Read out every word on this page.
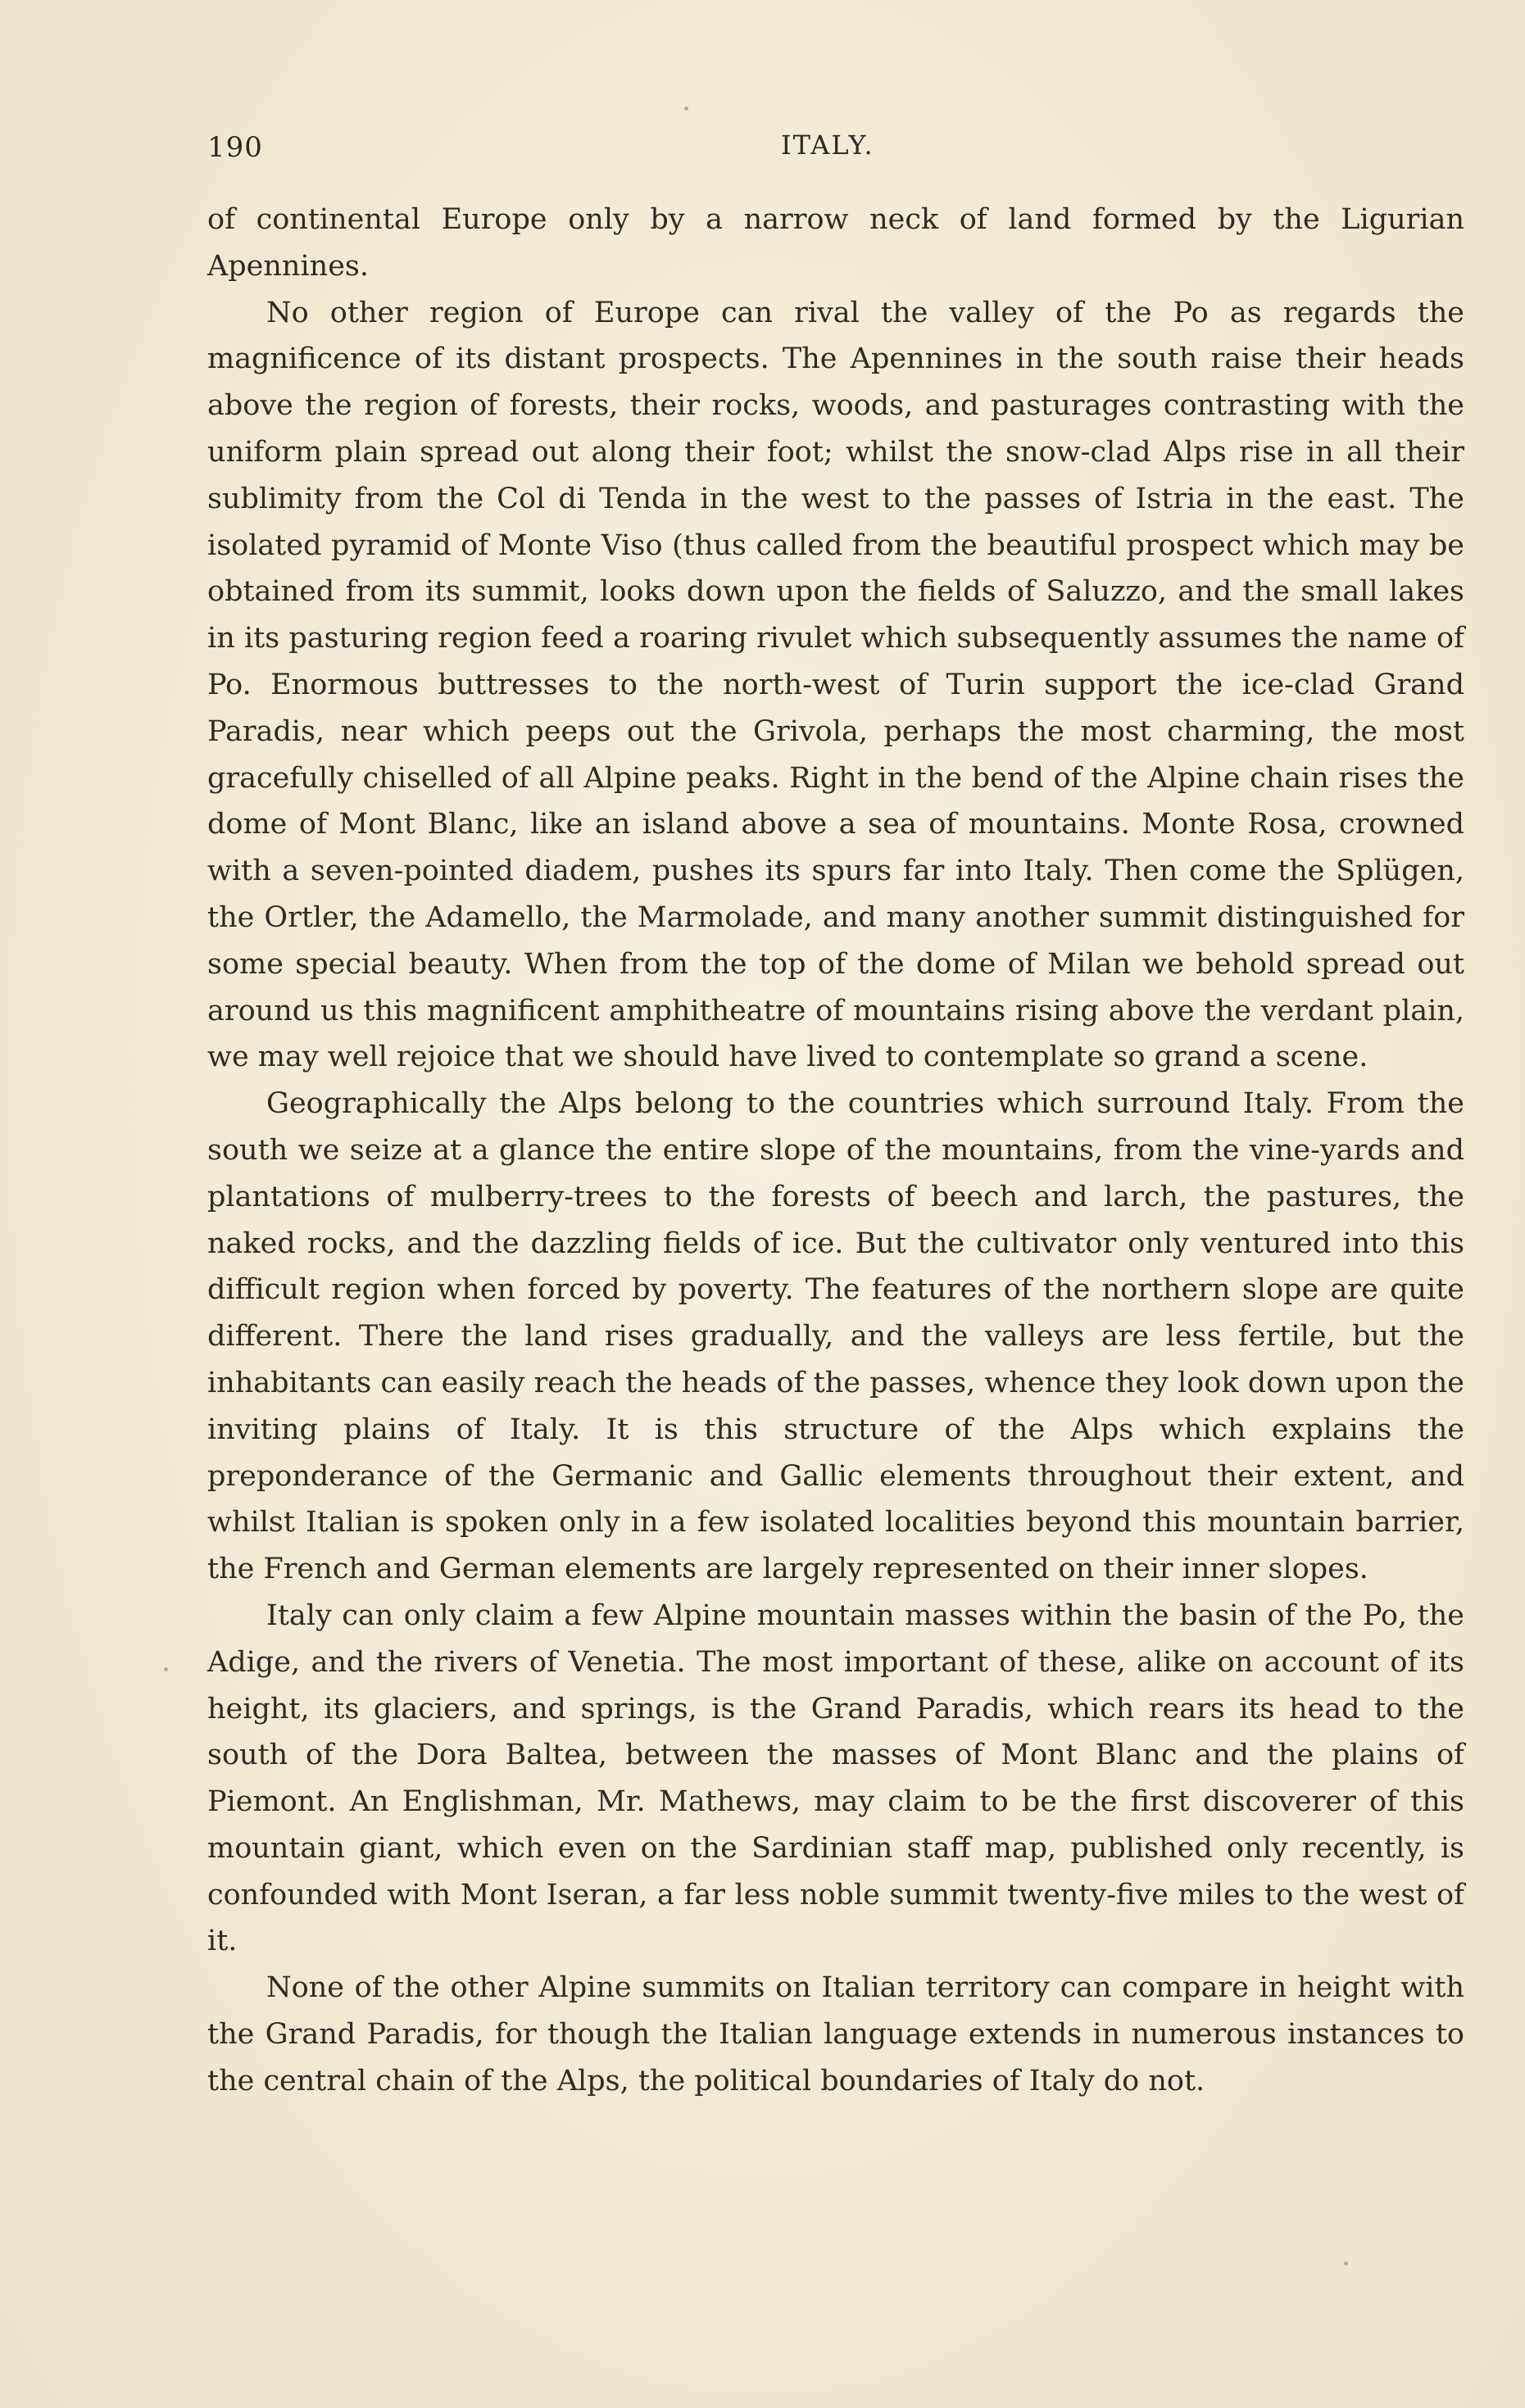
190	ITALY.

of continental Europe only by a narrow neck of land formed by the Ligurian Apennines.

No other region of Europe can rival the valley of the Po as regards the magnificence of its distant prospects. The Apennines in the south raise their heads above the region of forests, their rocks, woods, and pasturages contrasting with the uniform plain spread out along their foot; whilst the snow-clad Alps rise in all their sublimity from the Col di Tenda in the west to the passes of Istria in the east. The isolated pyramid of Monte Viso (thus called from the beautiful prospect which may be obtained from its summit, looks down upon the fields of Saluzzo, and the small lakes in its pasturing region feed a roaring rivulet which subsequently assumes the name of Po. Enormous buttresses to the north-west of Turin support the ice-clad Grand Paradis, near which peeps out the Grivola, perhaps the most charming, the most gracefully chiselled of all Alpine peaks. Right in the bend of the Alpine chain rises the dome of Mont Blanc, like an island above a sea of mountains. Monte Rosa, crowned with a seven-pointed diadem, pushes its spurs far into Italy. Then come the Splügen, the Ortler, the Adamello, the Marmolade, and many another summit distinguished for some special beauty. When from the top of the dome of Milan we behold spread out around us this magnificent amphitheatre of mountains rising above the verdant plain, we may well rejoice that we should have lived to contemplate so grand a scene.

Geographically the Alps belong to the countries which surround Italy. From the south we seize at a glance the entire slope of the mountains, from the vine-yards and plantations of mulberry-trees to the forests of beech and larch, the pastures, the naked rocks, and the dazzling fields of ice. But the cultivator only ventured into this difficult region when forced by poverty. The features of the northern slope are quite different. There the land rises gradually, and the valleys are less fertile, but the inhabitants can easily reach the heads of the passes, whence they look down upon the inviting plains of Italy. It is this structure of the Alps which explains the preponderance of the Germanic and Gallic elements throughout their extent, and whilst Italian is spoken only in a few isolated localities beyond this mountain barrier, the French and German elements are largely represented on their inner slopes.

Italy can only claim a few Alpine mountain masses within the basin of the Po, the Adige, and the rivers of Venetia. The most important of these, alike on account of its height, its glaciers, and springs, is the Grand Paradis, which rears its head to the south of the Dora Baltea, between the masses of Mont Blanc and the plains of Piemont. An Englishman, Mr. Mathews, may claim to be the first discoverer of this mountain giant, which even on the Sardinian staff map, published only recently, is confounded with Mont Iseran, a far less noble summit twenty-five miles to the west of it.

None of the other Alpine summits on Italian territory can compare in height with the Grand Paradis, for though the Italian language extends in numerous instances to the central chain of the Alps, the political boundaries of Italy do not.
